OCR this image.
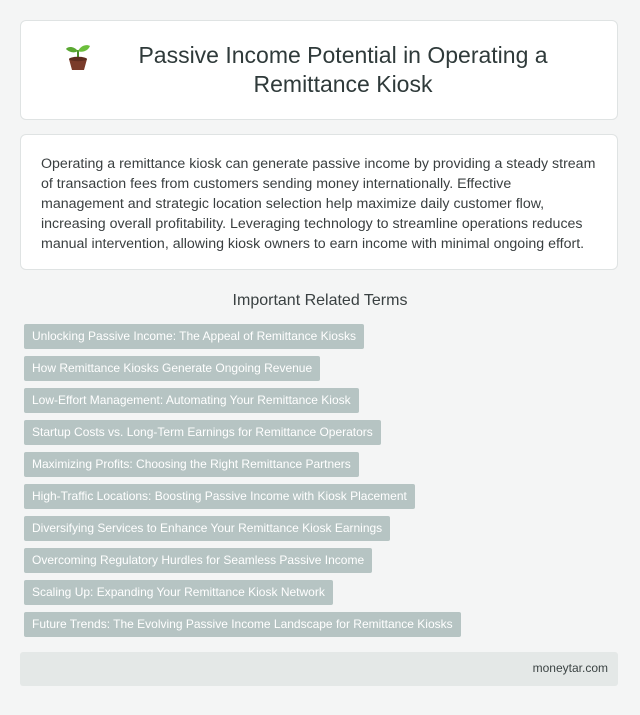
Passive Income Potential in Operating a Remittance Kiosk

Operating a remittance kiosk can generate passive income by providing a steady stream of transaction fees from customers sending money internationally. Effective management and strategic location selection help maximize daily customer flow, increasing overall profitability. Leveraging technology to streamline operations reduces manual intervention, allowing kiosk owners to earn income with minimal ongoing effort.

Important Related Terms
Unlocking Passive Income: The Appeal of Remittance Kiosks
How Remittance Kiosks Generate Ongoing Revenue
Low-Effort Management: Automating Your Remittance Kiosk
Startup Costs vs. Long-Term Earnings for Remittance Operators
Maximizing Profits: Choosing the Right Remittance Partners
High-Traffic Locations: Boosting Passive Income with Kiosk Placement
Diversifying Services to Enhance Your Remittance Kiosk Earnings
Overcoming Regulatory Hurdles for Seamless Passive Income
Scaling Up: Expanding Your Remittance Kiosk Network
Future Trends: The Evolving Passive Income Landscape for Remittance Kiosks
moneytar.com
